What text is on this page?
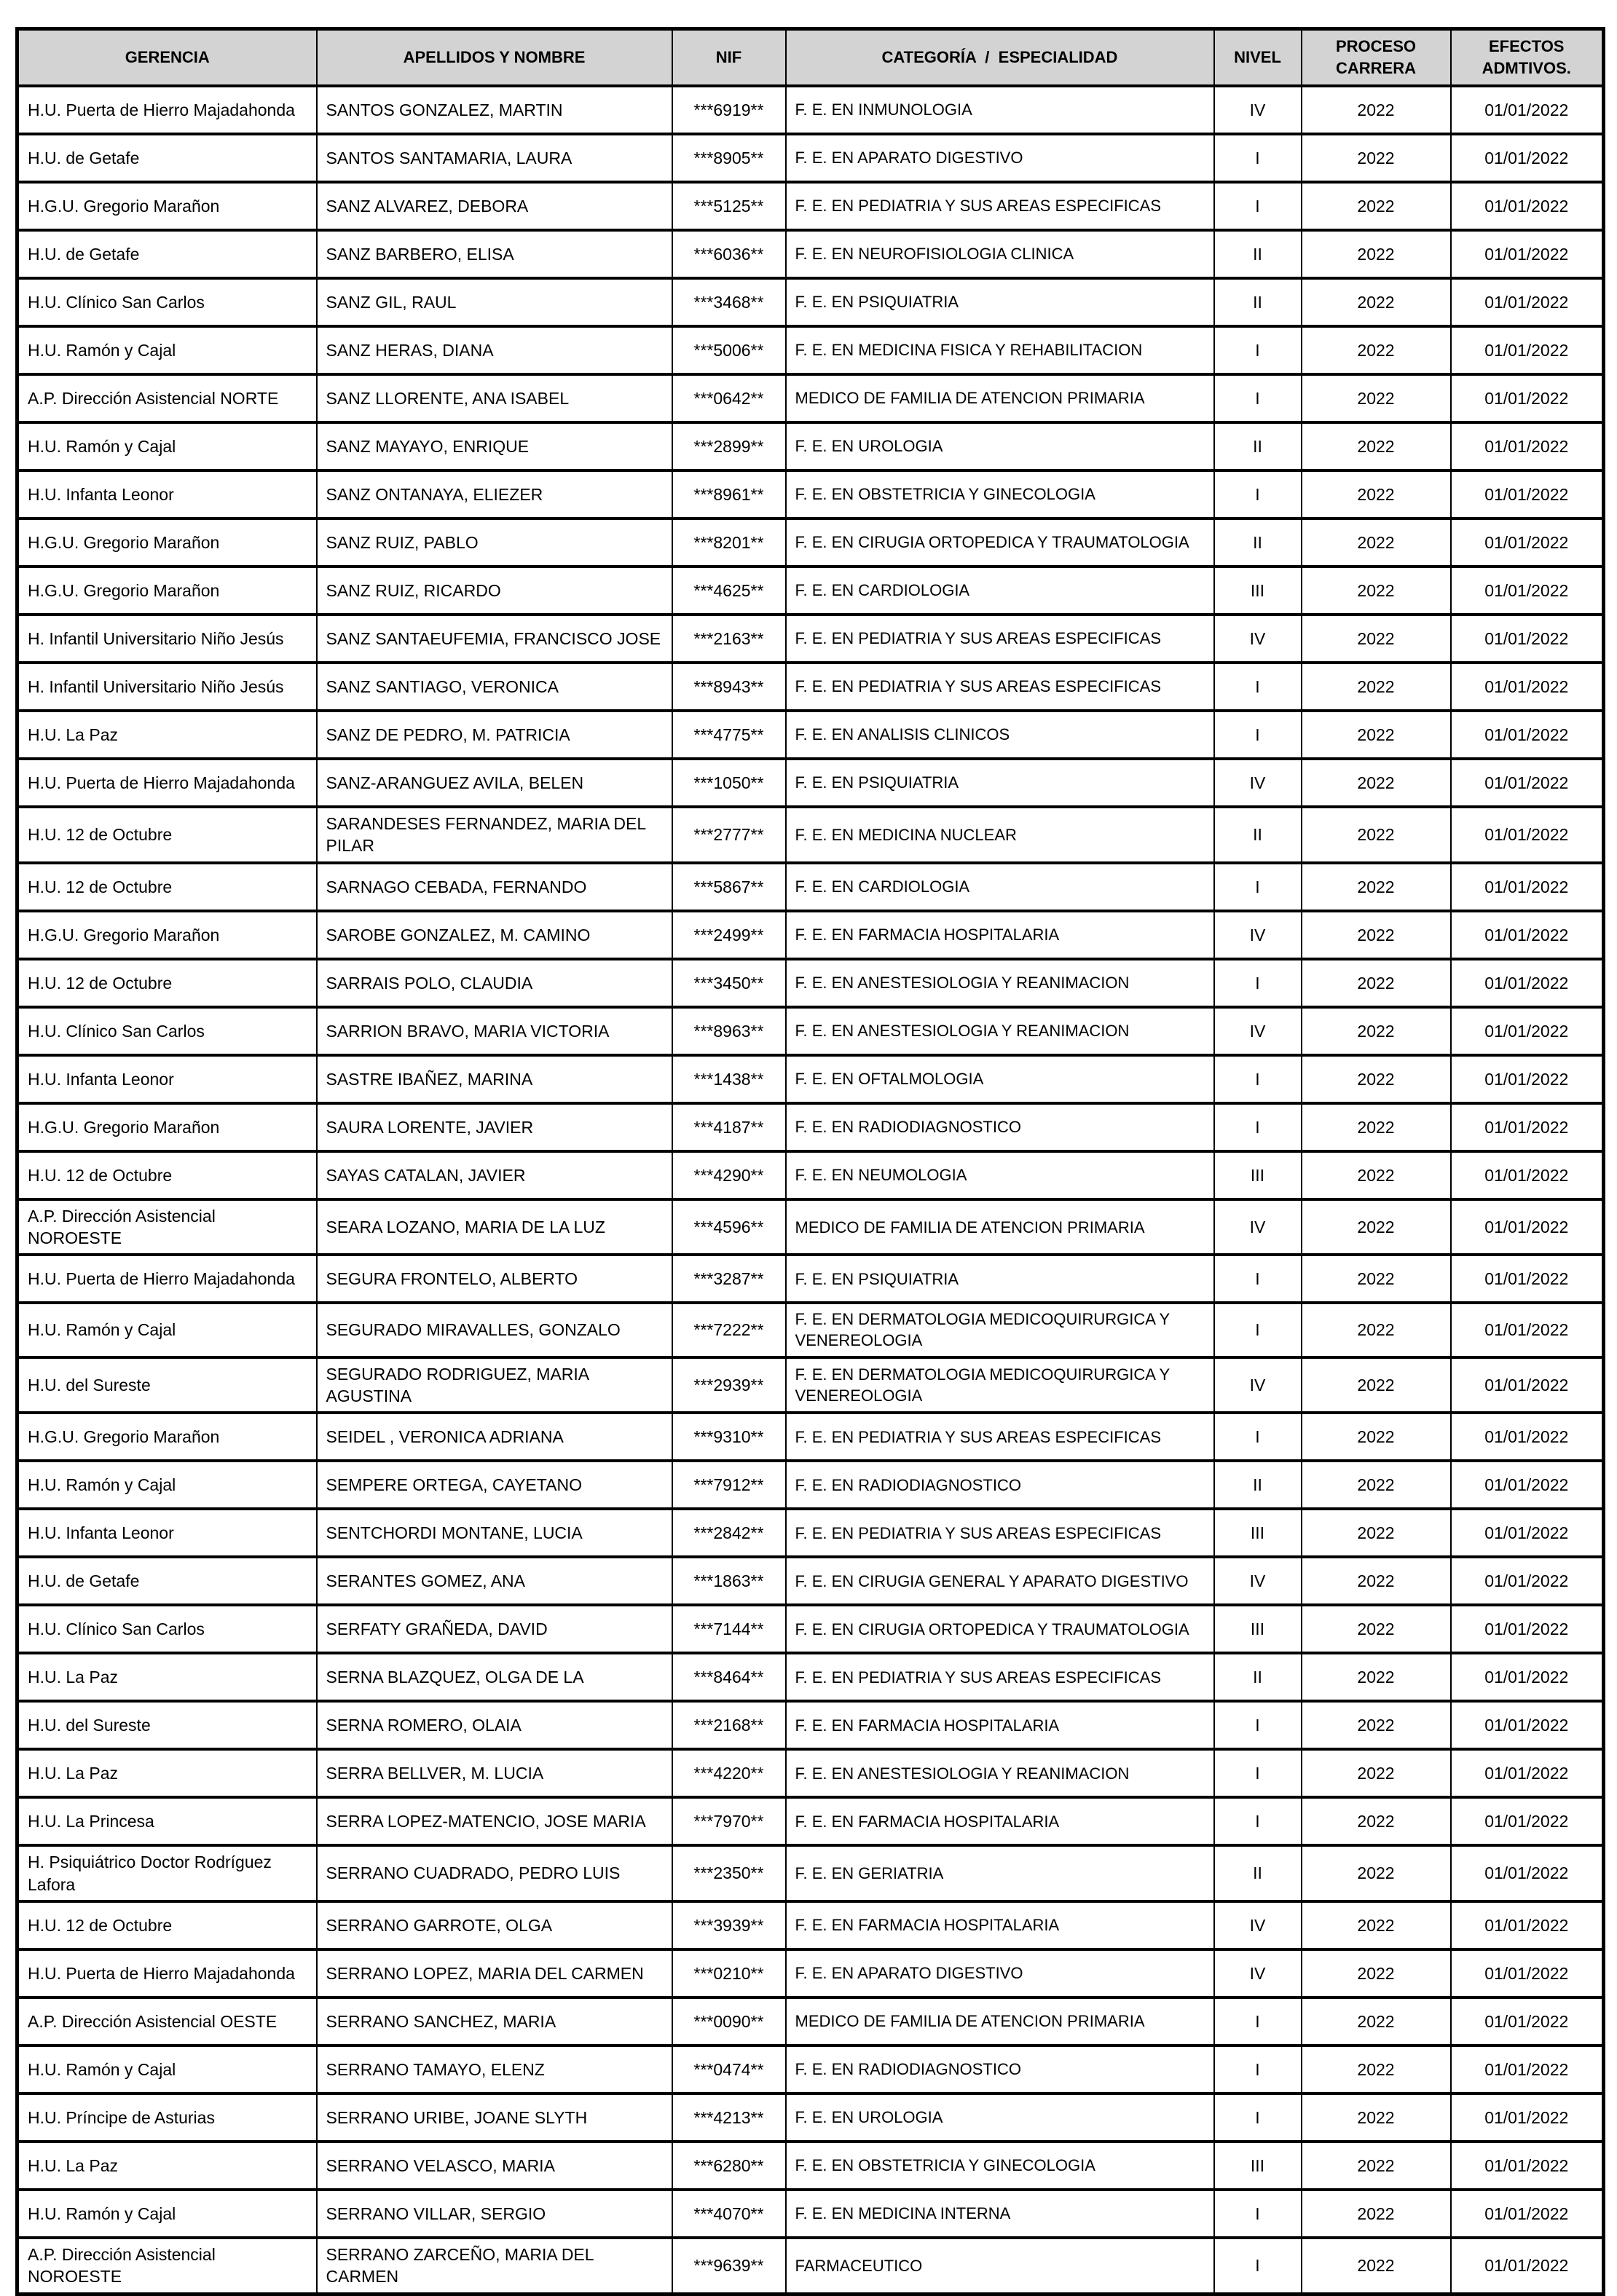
GERENCIA	APELLIDOS Y NOMBRE	NIF	CATEGORÍA  /  ESPECIALIDAD	NIVEL	PROCESO CARRERA	EFECTOS ADMTIVOS.
H.U. Puerta de Hierro Majadahonda	SANTOS GONZALEZ, MARTIN	***6919**	F. E. EN INMUNOLOGIA	IV	2022	01/01/2022
H.U. de Getafe	SANTOS SANTAMARIA, LAURA	***8905**	F. E. EN APARATO DIGESTIVO	I	2022	01/01/2022
H.G.U. Gregorio Marañon	SANZ ALVAREZ, DEBORA	***5125**	F. E. EN PEDIATRIA Y SUS AREAS ESPECIFICAS	I	2022	01/01/2022
H.U. de Getafe	SANZ BARBERO, ELISA	***6036**	F. E. EN NEUROFISIOLOGIA CLINICA	II	2022	01/01/2022
H.U. Clínico San Carlos	SANZ GIL, RAUL	***3468**	F. E. EN PSIQUIATRIA	II	2022	01/01/2022
H.U. Ramón y Cajal	SANZ HERAS, DIANA	***5006**	F. E. EN MEDICINA FISICA Y REHABILITACION	I	2022	01/01/2022
A.P. Dirección Asistencial NORTE	SANZ LLORENTE, ANA ISABEL	***0642**	MEDICO DE FAMILIA DE ATENCION PRIMARIA	I	2022	01/01/2022
H.U. Ramón y Cajal	SANZ MAYAYO, ENRIQUE	***2899**	F. E. EN UROLOGIA	II	2022	01/01/2022
H.U. Infanta Leonor	SANZ ONTANAYA, ELIEZER	***8961**	F. E. EN OBSTETRICIA Y GINECOLOGIA	I	2022	01/01/2022
H.G.U. Gregorio Marañon	SANZ RUIZ, PABLO	***8201**	F. E. EN CIRUGIA ORTOPEDICA Y TRAUMATOLOGIA	II	2022	01/01/2022
H.G.U. Gregorio Marañon	SANZ RUIZ, RICARDO	***4625**	F. E. EN CARDIOLOGIA	III	2022	01/01/2022
H. Infantil Universitario Niño Jesús	SANZ SANTAEUFEMIA, FRANCISCO JOSE	***2163**	F. E. EN PEDIATRIA Y SUS AREAS ESPECIFICAS	IV	2022	01/01/2022
H. Infantil Universitario Niño Jesús	SANZ SANTIAGO, VERONICA	***8943**	F. E. EN PEDIATRIA Y SUS AREAS ESPECIFICAS	I	2022	01/01/2022
H.U. La Paz	SANZ DE PEDRO, M. PATRICIA	***4775**	F. E. EN ANALISIS CLINICOS	I	2022	01/01/2022
H.U. Puerta de Hierro Majadahonda	SANZ-ARANGUEZ AVILA, BELEN	***1050**	F. E. EN PSIQUIATRIA	IV	2022	01/01/2022
H.U. 12 de Octubre	SARANDESES FERNANDEZ, MARIA DEL PILAR	***2777**	F. E. EN MEDICINA NUCLEAR	II	2022	01/01/2022
H.U. 12 de Octubre	SARNAGO CEBADA, FERNANDO	***5867**	F. E. EN CARDIOLOGIA	I	2022	01/01/2022
H.G.U. Gregorio Marañon	SAROBE GONZALEZ, M. CAMINO	***2499**	F. E. EN FARMACIA HOSPITALARIA	IV	2022	01/01/2022
H.U. 12 de Octubre	SARRAIS POLO, CLAUDIA	***3450**	F. E. EN ANESTESIOLOGIA Y REANIMACION	I	2022	01/01/2022
H.U. Clínico San Carlos	SARRION BRAVO, MARIA VICTORIA	***8963**	F. E. EN ANESTESIOLOGIA Y REANIMACION	IV	2022	01/01/2022
H.U. Infanta Leonor	SASTRE IBAÑEZ, MARINA	***1438**	F. E. EN OFTALMOLOGIA	I	2022	01/01/2022
H.G.U. Gregorio Marañon	SAURA LORENTE, JAVIER	***4187**	F. E. EN RADIODIAGNOSTICO	I	2022	01/01/2022
H.U. 12 de Octubre	SAYAS CATALAN, JAVIER	***4290**	F. E. EN NEUMOLOGIA	III	2022	01/01/2022
A.P. Dirección Asistencial NOROESTE	SEARA LOZANO, MARIA DE LA LUZ	***4596**	MEDICO DE FAMILIA DE ATENCION PRIMARIA	IV	2022	01/01/2022
H.U. Puerta de Hierro Majadahonda	SEGURA FRONTELO, ALBERTO	***3287**	F. E. EN PSIQUIATRIA	I	2022	01/01/2022
H.U. Ramón y Cajal	SEGURADO MIRAVALLES, GONZALO	***7222**	F. E. EN DERMATOLOGIA MEDICOQUIRURGICA Y VENEREOLOGIA	I	2022	01/01/2022
H.U. del Sureste	SEGURADO RODRIGUEZ, MARIA AGUSTINA	***2939**	F. E. EN DERMATOLOGIA MEDICOQUIRURGICA Y VENEREOLOGIA	IV	2022	01/01/2022
H.G.U. Gregorio Marañon	SEIDEL , VERONICA ADRIANA	***9310**	F. E. EN PEDIATRIA Y SUS AREAS ESPECIFICAS	I	2022	01/01/2022
H.U. Ramón y Cajal	SEMPERE ORTEGA, CAYETANO	***7912**	F. E. EN RADIODIAGNOSTICO	II	2022	01/01/2022
H.U. Infanta Leonor	SENTCHORDI MONTANE, LUCIA	***2842**	F. E. EN PEDIATRIA Y SUS AREAS ESPECIFICAS	III	2022	01/01/2022
H.U. de Getafe	SERANTES GOMEZ, ANA	***1863**	F. E. EN CIRUGIA GENERAL Y APARATO DIGESTIVO	IV	2022	01/01/2022
H.U. Clínico San Carlos	SERFATY GRAÑEDA, DAVID	***7144**	F. E. EN CIRUGIA ORTOPEDICA Y TRAUMATOLOGIA	III	2022	01/01/2022
H.U. La Paz	SERNA BLAZQUEZ, OLGA DE LA	***8464**	F. E. EN PEDIATRIA Y SUS AREAS ESPECIFICAS	II	2022	01/01/2022
H.U. del Sureste	SERNA ROMERO, OLAIA	***2168**	F. E. EN FARMACIA HOSPITALARIA	I	2022	01/01/2022
H.U. La Paz	SERRA BELLVER, M. LUCIA	***4220**	F. E. EN ANESTESIOLOGIA Y REANIMACION	I	2022	01/01/2022
H.U. La Princesa	SERRA LOPEZ-MATENCIO, JOSE MARIA	***7970**	F. E. EN FARMACIA HOSPITALARIA	I	2022	01/01/2022
H. Psiquiátrico Doctor Rodríguez Lafora	SERRANO CUADRADO, PEDRO LUIS	***2350**	F. E. EN GERIATRIA	II	2022	01/01/2022
H.U. 12 de Octubre	SERRANO GARROTE, OLGA	***3939**	F. E. EN FARMACIA HOSPITALARIA	IV	2022	01/01/2022
H.U. Puerta de Hierro Majadahonda	SERRANO LOPEZ, MARIA DEL CARMEN	***0210**	F. E. EN APARATO DIGESTIVO	IV	2022	01/01/2022
A.P. Dirección Asistencial OESTE	SERRANO SANCHEZ, MARIA	***0090**	MEDICO DE FAMILIA DE ATENCION PRIMARIA	I	2022	01/01/2022
H.U. Ramón y Cajal	SERRANO TAMAYO, ELENZ	***0474**	F. E. EN RADIODIAGNOSTICO	I	2022	01/01/2022
H.U. Príncipe de Asturias	SERRANO URIBE, JOANE SLYTH	***4213**	F. E. EN UROLOGIA	I	2022	01/01/2022
H.U. La Paz	SERRANO VELASCO, MARIA	***6280**	F. E. EN OBSTETRICIA Y GINECOLOGIA	III	2022	01/01/2022
H.U. Ramón y Cajal	SERRANO VILLAR, SERGIO	***4070**	F. E. EN MEDICINA INTERNA	I	2022	01/01/2022
A.P. Dirección Asistencial NOROESTE	SERRANO ZARCEÑO, MARIA DEL CARMEN	***9639**	FARMACEUTICO	I	2022	01/01/2022
